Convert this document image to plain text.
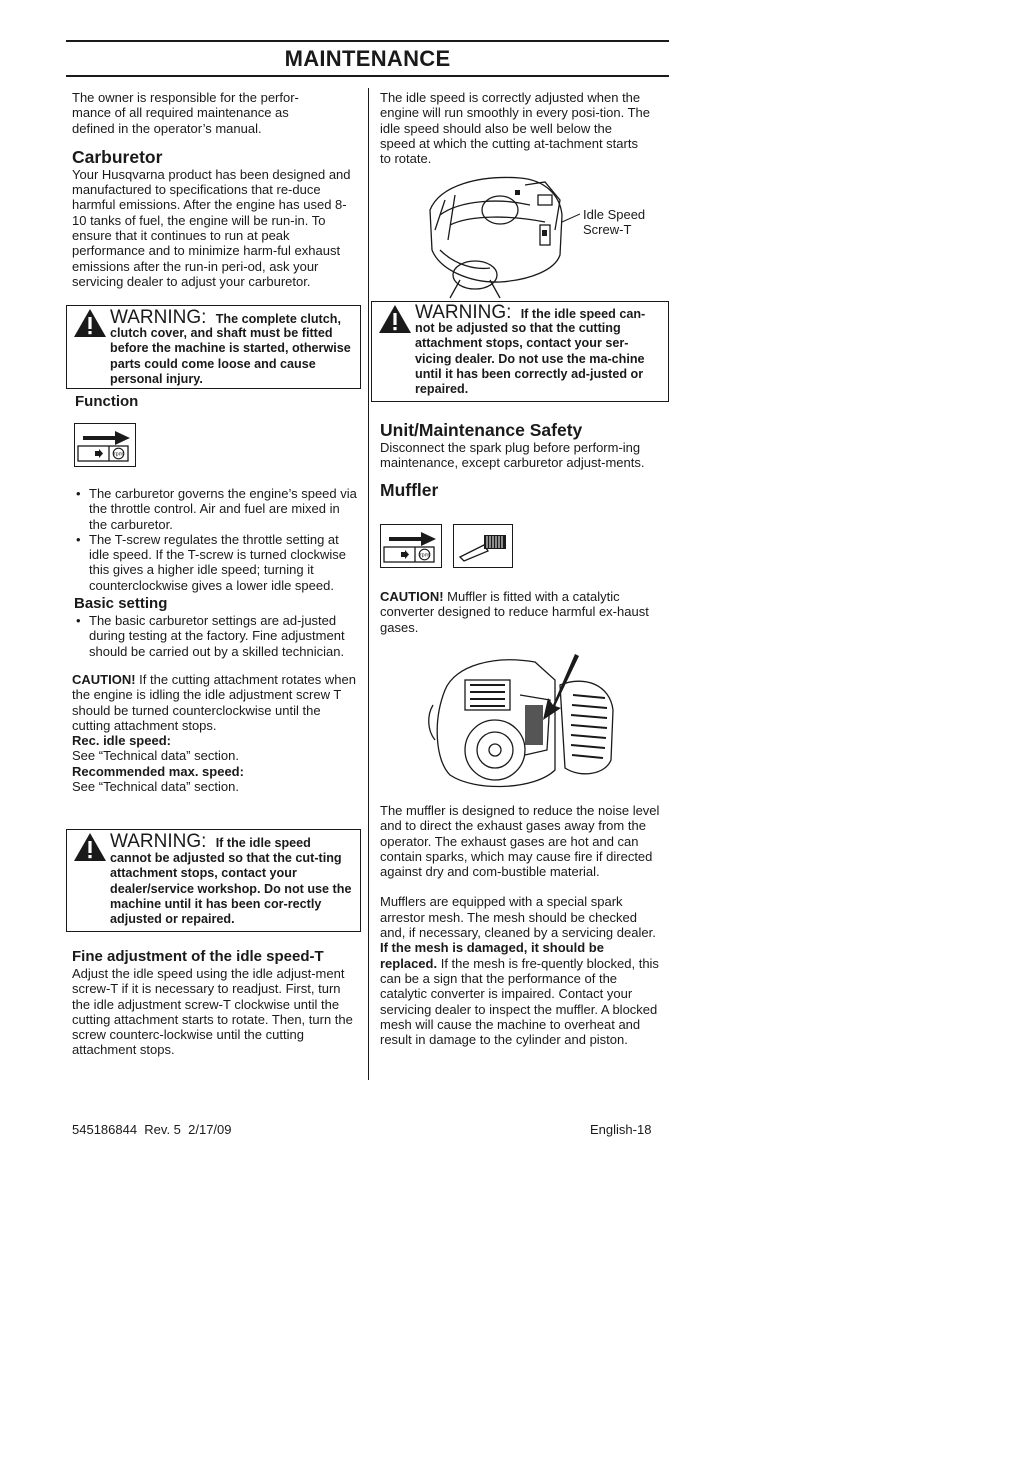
MAINTENANCE

The owner is responsible for the perfor-
mance of all required maintenance as
defined in the operator’s manual.

Carburetor

Your Husqvarna product has been designed and manufactured to specifications that re-duce harmful emissions. After the engine has used 8-10 tanks of fuel, the engine will be run-in. To ensure that it continues to run at peak performance and to minimize harm-ful exhaust emissions after the run-in peri-od, ask your servicing dealer to adjust your carburetor.

WARNING: The complete clutch,
clutch cover, and shaft must be fitted before the machine is started, otherwise parts could come loose and cause personal injury.

Function

rpm
• The carburetor governs the engine’s speed via the throttle control. Air and fuel are mixed in the carburetor.
• The T-screw regulates the throttle setting at idle speed. If the T-screw is turned clockwise this gives a higher idle speed; turning it counterclockwise gives a lower idle speed.

Basic setting

• The basic carburetor settings are ad-justed during testing at the factory. Fine adjustment should be carried out by a skilled technician.

CAUTION! If the cutting attachment rotates when the engine is idling the idle adjustment screw T should be turned counterclockwise until the cutting attachment stops.

Rec. idle speed:

See “Technical data” section.

Recommended max. speed:

See “Technical data” section.

WARNING: If the idle speed
cannot be adjusted so that the cut-ting attachment stops, contact your dealer/service workshop. Do not use the machine until it has been cor-rectly adjusted or repaired.

Fine adjustment of the idle speed-T

Adjust the idle speed using the idle adjust-ment screw-T if it is necessary to readjust. First, turn the idle adjustment screw-T clockwise until the cutting attachment starts to rotate. Then, turn the screw counterc-lockwise until the cutting attachment stops.

The idle speed is correctly adjusted when the engine will run smoothly in every posi-tion. The idle speed should also be well below the speed at which the cutting at-tachment starts to rotate.

Idle Speed
Screw-T
WARNING: If the idle speed can-
not be adjusted so that the cutting attachment stops, contact your ser-vicing dealer. Do not use the ma-chine until it has been correctly ad-justed or repaired.

Unit/Maintenance Safety

Disconnect the spark plug before perform-ing maintenance, except carburetor adjust-ments.

Muffler

rpm

CAUTION! Muffler is fitted with a catalytic converter designed to reduce harmful ex-haust gases.

The muffler is designed to reduce the noise level and to direct the exhaust gases away from the operator. The exhaust gases are hot and can contain sparks, which may cause fire if directed against dry and com-bustible material.

Mufflers are equipped with a special spark arrestor mesh. The mesh should be checked and, if necessary, cleaned by a servicing dealer. If the mesh is damaged, it should be replaced. If the mesh is fre-quently blocked, this can be a sign that the performance of the catalytic converter is impaired. Contact your servicing dealer to inspect the muffler. A blocked mesh will cause the machine to overheat and result in damage to the cylinder and piston.

545186844  Rev. 5  2/17/09	English-18
